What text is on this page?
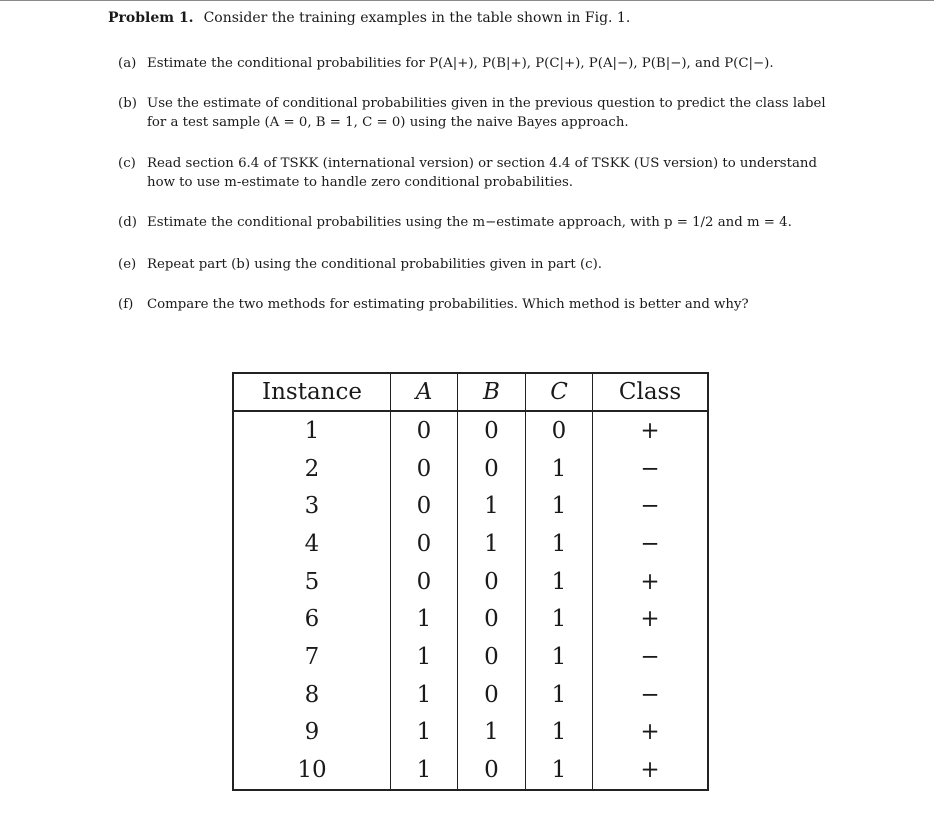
Problem 1. Consider the training examples in the table shown in Fig. 1.
(a) Estimate the conditional probabilities for P(A|+), P(B|+), P(C|+), P(A|−), P(B|−), and P(C|−).
(b) Use the estimate of conditional probabilities given in the previous question to predict the class label for a test sample (A = 0, B = 1, C = 0) using the naive Bayes approach.
(c) Read section 6.4 of TSKK (international version) or section 4.4 of TSKK (US version) to understand how to use m-estimate to handle zero conditional probabilities.
(d) Estimate the conditional probabilities using the m−estimate approach, with p = 1/2 and m = 4.
(e) Repeat part (b) using the conditional probabilities given in part (c).
(f) Compare the two methods for estimating probabilities. Which method is better and why?
Instance	A	B	C	Class
1	0	0	0	+
2	0	0	1	−
3	0	1	1	−
4	0	1	1	−
5	0	0	1	+
6	1	0	1	+
7	1	0	1	−
8	1	0	1	−
9	1	1	1	+
10	1	0	1	+
